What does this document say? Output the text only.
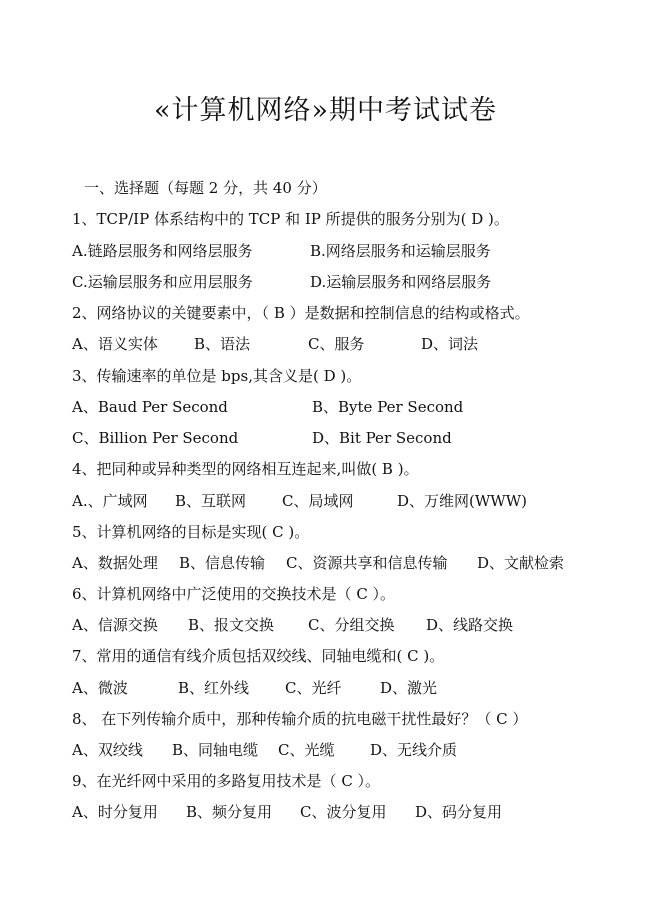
«计算机网络»期中考试试卷
一、选择题（每题 2 分，共 40 分）
1、TCP/IP 体系结构中的 TCP 和 IP 所提供的服务分别为( D )。
A.链路层服务和网络层服务	B.网络层服务和运输层服务
C.运输层服务和应用层服务	D.运输层服务和网络层服务
2、网络协议的关键要素中，（ B ）是数据和控制信息的结构或格式。
A、语义实体 B、语法	C、服务	D、词法
3、传输速率的单位是 bps,其含义是( D )。
A、Baud Per Second	B、Byte Per Second
C、Billion Per Second	D、Bit Per Second
4、把同种或异种类型的网络相互连起来,叫做( B )。
A.、广域网 B、互联网 C、局域网	D、万维网(WWW)
5、计算机网络的目标是实现( C )。
A、数据处理 B、信息传输 C、资源共享和信息传输 D、文献检索
6、计算机网络中广泛使用的交换技术是（ C ）。
A、信源交换 B、报文交换 C、分组交换 D、线路交换
7、常用的通信有线介质包括双绞线、同轴电缆和( C )。
A、微波	B、红外线 C、光纤	D、激光
8、 在下列传输介质中，那种传输介质的抗电磁干扰性最好？（ C ）
A、双绞线 B、同轴电缆 C、光缆 D、无线介质
9、在光纤网中采用的多路复用技术是（ C ）。
A、时分复用 B、频分复用 C、波分复用 D、码分复用
